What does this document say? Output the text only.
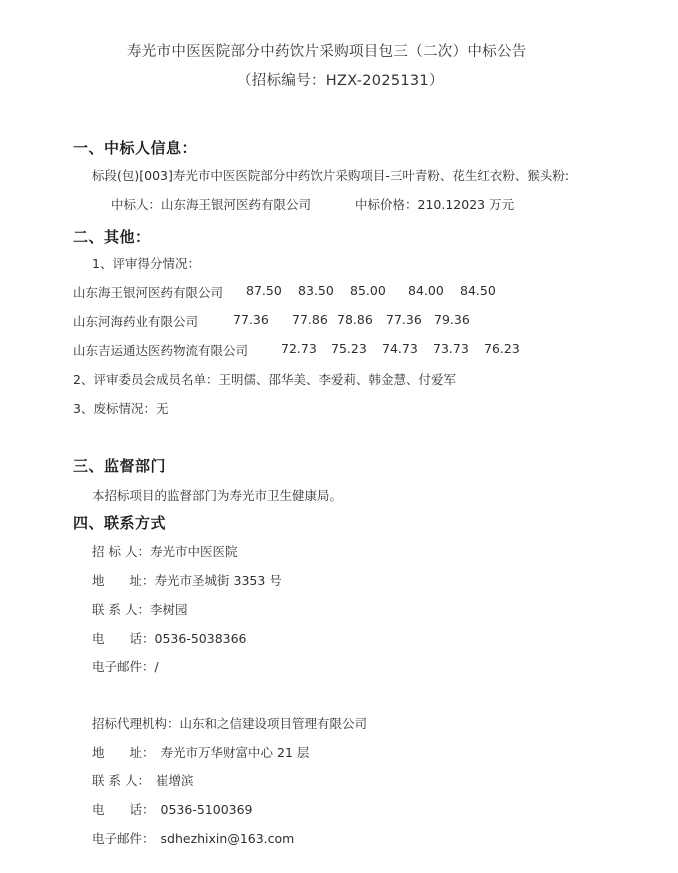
寿光市中医医院部分中药饮片采购项目包三（二次）中标公告
（招标编号：HZX-2025131）
一、中标人信息：
标段(包)[003]寿光市中医医院部分中药饮片采购项目-三叶青粉、花生红衣粉、猴头粉:
中标人：山东海王银河医药有限公司	中标价格：210.12023 万元
二、其他：
1、评审得分情况：
山东海王银河医药有限公司 87.50 83.50 85.00 84.00 84.50
山东河海药业有限公司	77.36 77.86 78.86 77.36 79.36
山东吉运通达医药物流有限公司	72.73 75.23 74.73 73.73 76.23
2、评审委员会成员名单：王明儒、邵华美、李爱莉、韩金慧、付爱军
3、废标情况：无
三、监督部门
本招标项目的监督部门为寿光市卫生健康局。
四、联系方式
招 标 人：寿光市中医医院
地　　址：寿光市圣城街 3353 号
联 系 人：李树园
电　　话：0536-5038366
电子邮件：/
招标代理机构：山东和之信建设项目管理有限公司
地　　址： 寿光市万华财富中心 21 层
联 系 人： 崔增滨
电　　话： 0536-5100369
电子邮件： sdhezhixin@163.com
